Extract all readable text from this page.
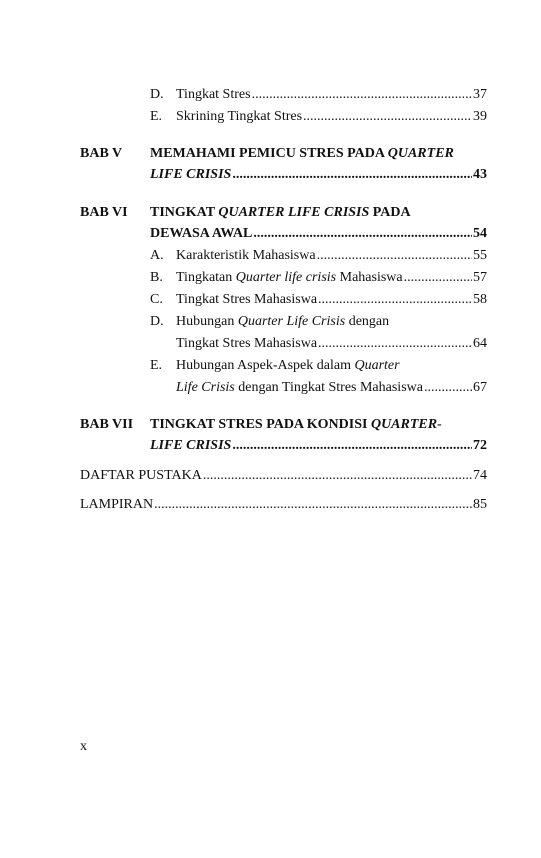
D. Tingkat Stres .....	37
E. Skrining Tingkat Stres .....	39
BAB V MEMAHAMI PEMICU STRES PADA QUARTER
LIFE CRISIS .....	43
BAB VI TINGKAT QUARTER LIFE CRISIS PADA
DEWASA AWAL .....	54
A. Karakteristik Mahasiswa .....	55
B. Tingkatan Quarter life crisis Mahasiswa .....	57
C. Tingkat Stres Mahasiswa .....	58
D. Hubungan Quarter Life Crisis dengan
Tingkat Stres Mahasiswa .....	64
E. Hubungan Aspek-Aspek dalam Quarter
Life Crisis dengan Tingkat Stres Mahasiswa .....	67
BAB VII TINGKAT STRES PADA KONDISI QUARTER-
LIFE CRISIS .....	72
DAFTAR PUSTAKA .....	74
LAMPIRAN .....	85
x
